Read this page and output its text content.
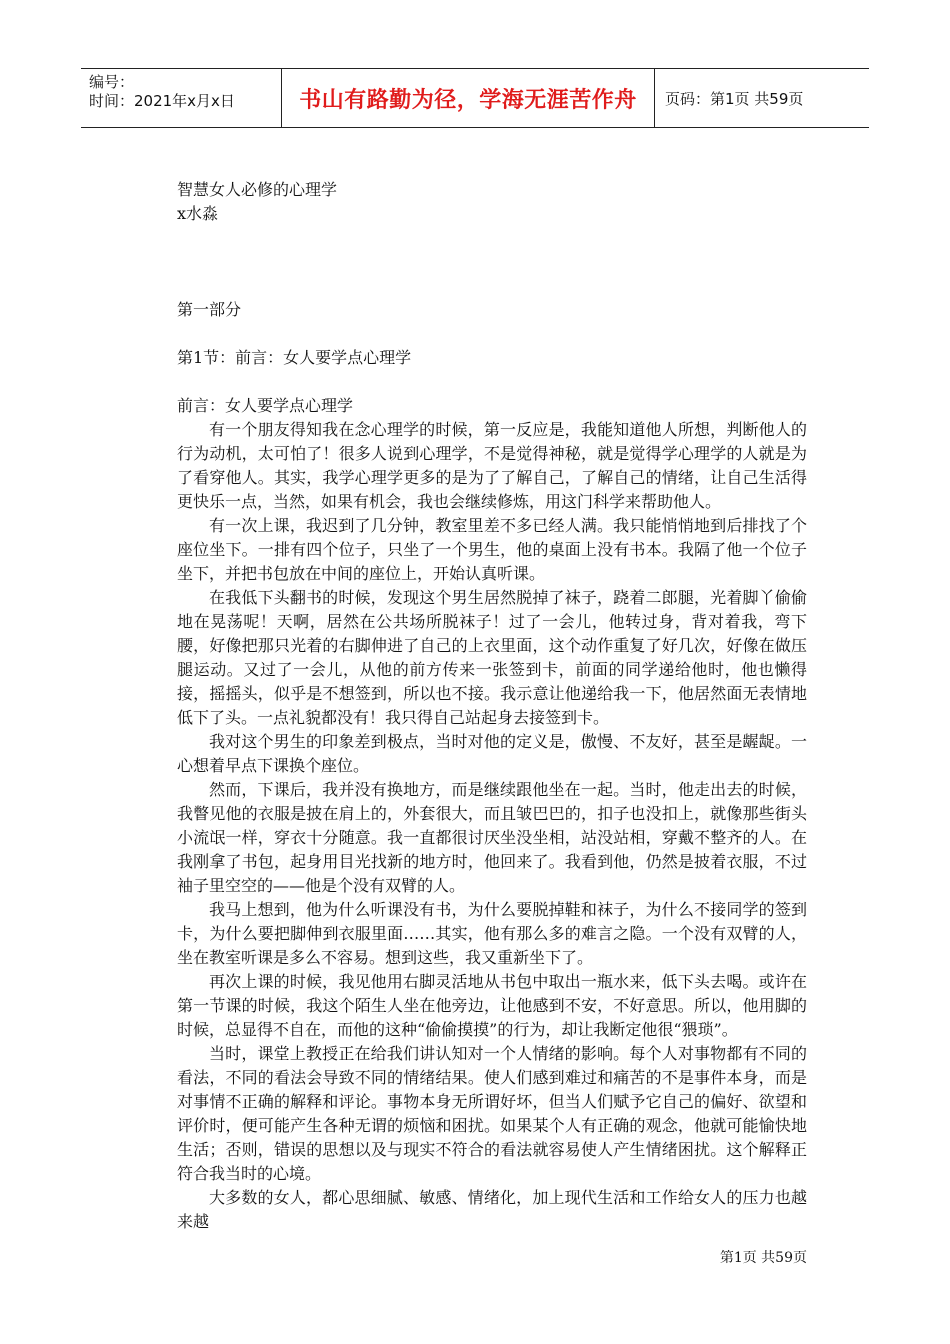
编号：
时间：2021年x月x日	书山有路勤为径，学海无涯苦作舟 页码：第1页 共59页

智慧女人必修的心理学

x水淼

第一部分

第1节：前言：女人要学点心理学

前言：女人要学点心理学

有一个朋友得知我在念心理学的时候，第一反应是，我能知道他人所想，判断他人的行为动机，太可怕了！很多人说到心理学，不是觉得神秘，就是觉得学心理学的人就是为了看穿他人。其实，我学心理学更多的是为了了解自己，了解自己的情绪，让自己生活得更快乐一点，当然，如果有机会，我也会继续修炼，用这门科学来帮助他人。

有一次上课，我迟到了几分钟，教室里差不多已经人满。我只能悄悄地到后排找了个座位坐下。一排有四个位子，只坐了一个男生，他的桌面上没有书本。我隔了他一个位子坐下，并把书包放在中间的座位上，开始认真听课。

在我低下头翻书的时候，发现这个男生居然脱掉了袜子，跷着二郎腿，光着脚丫偷偷地在晃荡呢！天啊，居然在公共场所脱袜子！过了一会儿，他转过身，背对着我，弯下腰，好像把那只光着的右脚伸进了自己的上衣里面，这个动作重复了好几次，好像在做压腿运动。又过了一会儿，从他的前方传来一张签到卡，前面的同学递给他时，他也懒得接，摇摇头，似乎是不想签到，所以也不接。我示意让他递给我一下，他居然面无表情地低下了头。一点礼貌都没有！我只得自己站起身去接签到卡。

我对这个男生的印象差到极点，当时对他的定义是，傲慢、不友好，甚至是龌龊。一心想着早点下课换个座位。

然而，下课后，我并没有换地方，而是继续跟他坐在一起。当时，他走出去的时候，我瞥见他的衣服是披在肩上的，外套很大，而且皱巴巴的，扣子也没扣上，就像那些街头小流氓一样，穿衣十分随意。我一直都很讨厌坐没坐相，站没站相，穿戴不整齐的人。在我刚拿了书包，起身用目光找新的地方时，他回来了。我看到他，仍然是披着衣服，不过袖子里空空的——他是个没有双臂的人。

我马上想到，他为什么听课没有书，为什么要脱掉鞋和袜子，为什么不接同学的签到卡，为什么要把脚伸到衣服里面……其实，他有那么多的难言之隐。一个没有双臂的人，坐在教室听课是多么不容易。想到这些，我又重新坐下了。

再次上课的时候，我见他用右脚灵活地从书包中取出一瓶水来，低下头去喝。或许在第一节课的时候，我这个陌生人坐在他旁边，让他感到不安，不好意思。所以，他用脚的时候，总显得不自在，而他的这种“偷偷摸摸”的行为，却让我断定他很“猥琐”。

当时，课堂上教授正在给我们讲认知对一个人情绪的影响。每个人对事物都有不同的看法，不同的看法会导致不同的情绪结果。使人们感到难过和痛苦的不是事件本身，而是对事情不正确的解释和评论。事物本身无所谓好坏，但当人们赋予它自己的偏好、欲望和评价时，便可能产生各种无谓的烦恼和困扰。如果某个人有正确的观念，他就可能愉快地生活；否则，错误的思想以及与现实不符合的看法就容易使人产生情绪困扰。这个解释正符合我当时的心境。

大多数的女人，都心思细腻、敏感、情绪化，加上现代生活和工作给女人的压力也越来越

第1页 共59页
